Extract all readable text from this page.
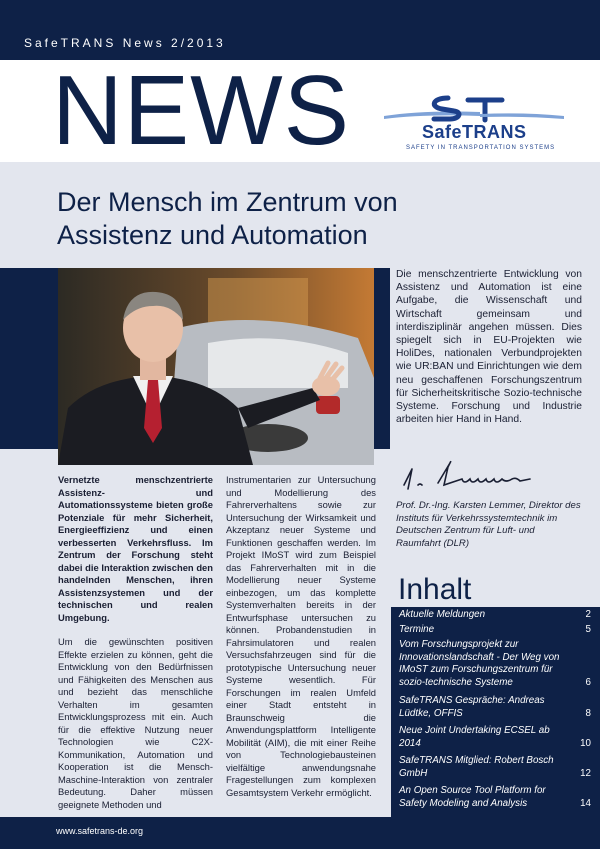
SafeTRANS News 2/2013
NEWS	SafeTRANS
SAFETY IN TRANSPORTATION SYSTEMS
Der Mensch im Zentrum von
Assistenz und Automation

Die menschzentrierte Entwicklung von Assistenz und Automation ist eine Aufgabe, die Wissenschaft und Wirtschaft gemeinsam und interdisziplinär angehen müssen. Dies spiegelt sich in EU-Projekten wie HoliDes, nationalen Verbundprojekten wie UR:BAN und Einrichtungen wie dem neu geschaffenen Forschungszentrum für Sicherheitskritische Sozio-technische Systeme. Forschung und Industrie arbeiten hier Hand in Hand.

Prof. Dr.-Ing. Karsten Lemmer, Direktor des Instituts für Verkehrssystemtechnik im Deutschen Zentrum für Luft- und Raumfahrt (DLR)

Vernetzte menschzentrierte Assistenz- und Automationssysteme bieten große Potenziale für mehr Sicherheit, Energieeffizienz und einen verbesserten Verkehrsfluss. Im Zentrum der Forschung steht dabei die Interaktion zwischen den handelnden Menschen, ihren Assistenzsystemen und der technischen und realen Umgebung.

Um die gewünschten positiven Effekte erzielen zu können, geht die Entwicklung von den Bedürfnissen und Fähigkeiten des Menschen aus und bezieht das menschliche Verhalten im gesamten Entwicklungsprozess mit ein. Auch für die effektive Nutzung neuer Technologien wie C2X-Kommunikation, Automation und Kooperation ist die Mensch-Maschine-Interaktion von zentraler Bedeutung. Daher müssen geeignete Methoden und

Instrumentarien zur Untersuchung und Modellierung des Fahrerverhaltens sowie zur Untersuchung der Wirksamkeit und Akzeptanz neuer Systeme und Funktionen geschaffen werden. Im Projekt IMoST wird zum Beispiel das Fahrerverhalten mit in die Modellierung neuer Systeme einbezogen, um das komplette Systemverhalten bereits in der Entwurfsphase untersuchen zu können. Probandenstudien in Fahrsimulatoren und realen Versuchsfahrzeugen sind für die prototypische Untersuchung neuer Systeme wesentlich. Für Forschungen im realen Umfeld einer Stadt entsteht in Braunschweig die Anwendungsplattform Intelligente Mobilität (AIM), die mit einer Reihe von Technologiebausteinen vielfältige anwendungsnahe Fragestellungen zum komplexen Gesamtsystem Verkehr ermöglicht.

Inhalt
Aktuelle Meldungen	2
Termine	5
Vom Forschungsprojekt zur Innovationslandschaft - Der Weg von IMoST zum Forschungszentrum für sozio-technische Systeme	6
SafeTRANS Gespräche: Andreas Lüdtke, OFFIS	8
Neue Joint Undertaking ECSEL ab 2014	10
SafeTRANS Mitglied: Robert Bosch GmbH	12
An Open Source Tool Platform for Safety Modeling and Analysis	14
www.safetrans-de.org
